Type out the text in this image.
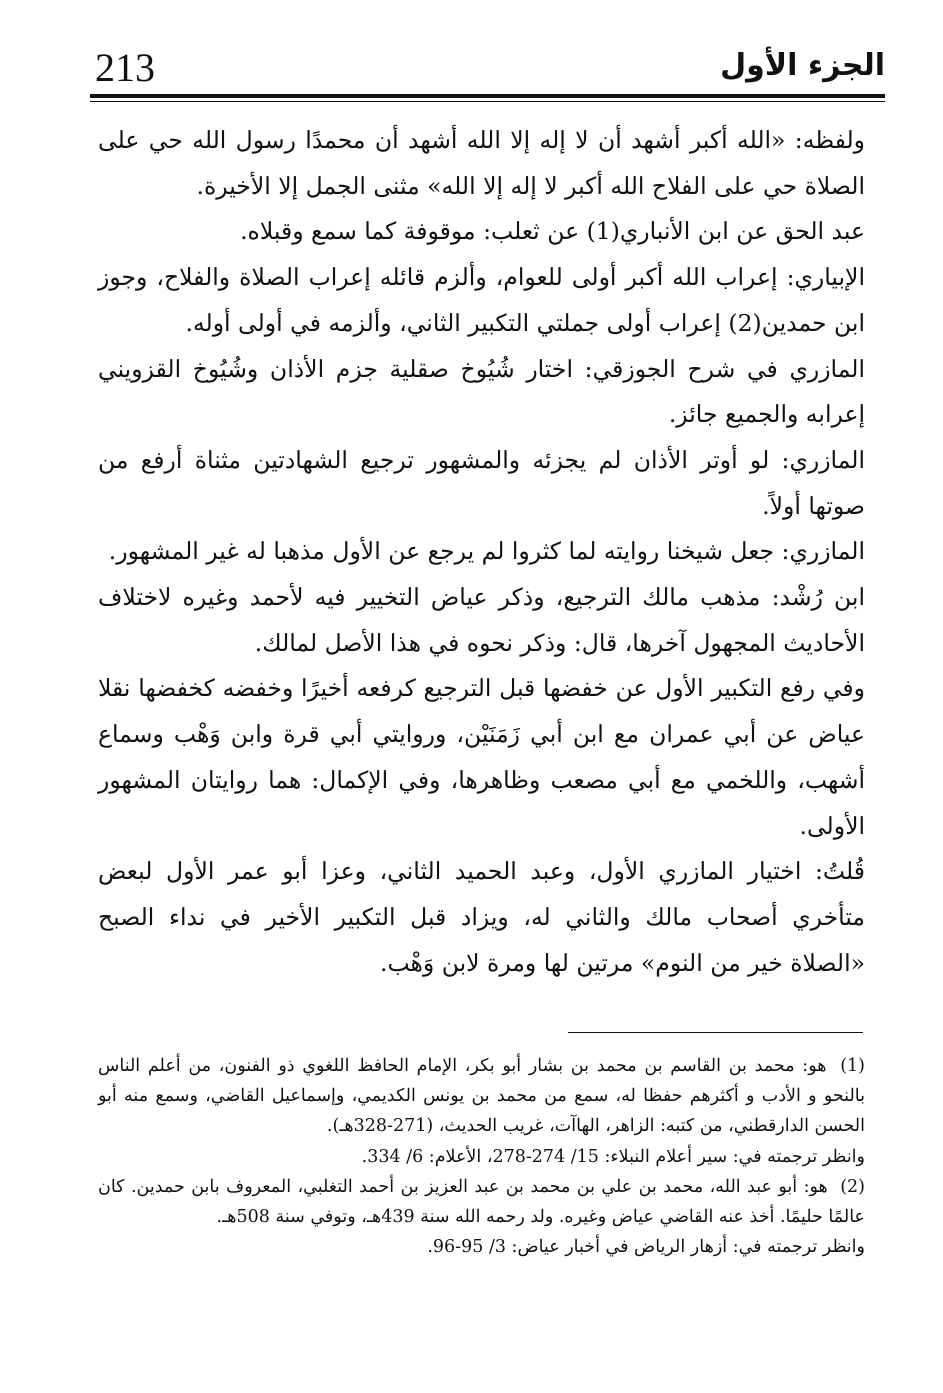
213	الجزء الأول

ولفظه: «الله أكبر أشهد أن لا إله إلا الله أشهد أن محمدًا رسول الله حي على الصلاة حي على الفلاح الله أكبر لا إله إلا الله» مثنى الجمل إلا الأخيرة.

عبد الحق عن ابن الأنباري(1) عن ثعلب: موقوفة كما سمع وقبلاه.

الإبياري: إعراب الله أكبر أولى للعوام، وألزم قائله إعراب الصلاة والفلاح، وجوز ابن حمدين(2) إعراب أولى جملتي التكبير الثاني، وألزمه في أولى أوله.

المازري في شرح الجوزقي: اختار شُيُوخ صقلية جزم الأذان وشُيُوخ القزويني إعرابه والجميع جائز.

المازري: لو أوتر الأذان لم يجزئه والمشهور ترجيع الشهادتين مثناة أرفع من صوتها أولاً.

المازري: جعل شيخنا روايته لما كثروا لم يرجع عن الأول مذهبا له غير المشهور.

ابن رُشْد: مذهب مالك الترجيع، وذكر عياض التخيير فيه لأحمد وغيره لاختلاف الأحاديث المجهول آخرها، قال: وذكر نحوه في هذا الأصل لمالك.

وفي رفع التكبير الأول عن خفضها قبل الترجيع كرفعه أخيرًا وخفضه كخفضها نقلا عياض عن أبي عمران مع ابن أبي زَمَنَيْن، وروايتي أبي قرة وابن وَهْب وسماع أشهب، واللخمي مع أبي مصعب وظاهرها، وفي الإكمال: هما روايتان المشهور الأولى.

قُلتُ: اختيار المازري الأول، وعبد الحميد الثاني، وعزا أبو عمر الأول لبعض متأخري أصحاب مالك والثاني له، ويزاد قبل التكبير الأخير في نداء الصبح «الصلاة خير من النوم» مرتين لها ومرة لابن وَهْب.

(1) هو: محمد بن القاسم بن محمد بن بشار أبو بكر، الإمام الحافظ اللغوي ذو الفنون، من أعلم الناس بالنحو و الأدب و أكثرهم حفظا له، سمع من محمد بن يونس الكديمي، وإسماعيل القاضي، وسمع منه أبو الحسن الدارقطني، من كتبه: الزاهر، الهاآت، غريب الحديث، (271-328هـ).

وانظر ترجمته في: سير أعلام النبلاء: 15/ 274-278، الأعلام: 6/ 334.

(2) هو: أبو عبد الله، محمد بن علي بن محمد بن عبد العزيز بن أحمد التغلبي، المعروف بابن حمدين. كان عالمًا حليمًا. أخذ عنه القاضي عياض وغيره. ولد رحمه الله سنة 439هـ، وتوفي سنة 508هـ.

وانظر ترجمته في: أزهار الرياض في أخبار عياض: 3/ 95-96.
